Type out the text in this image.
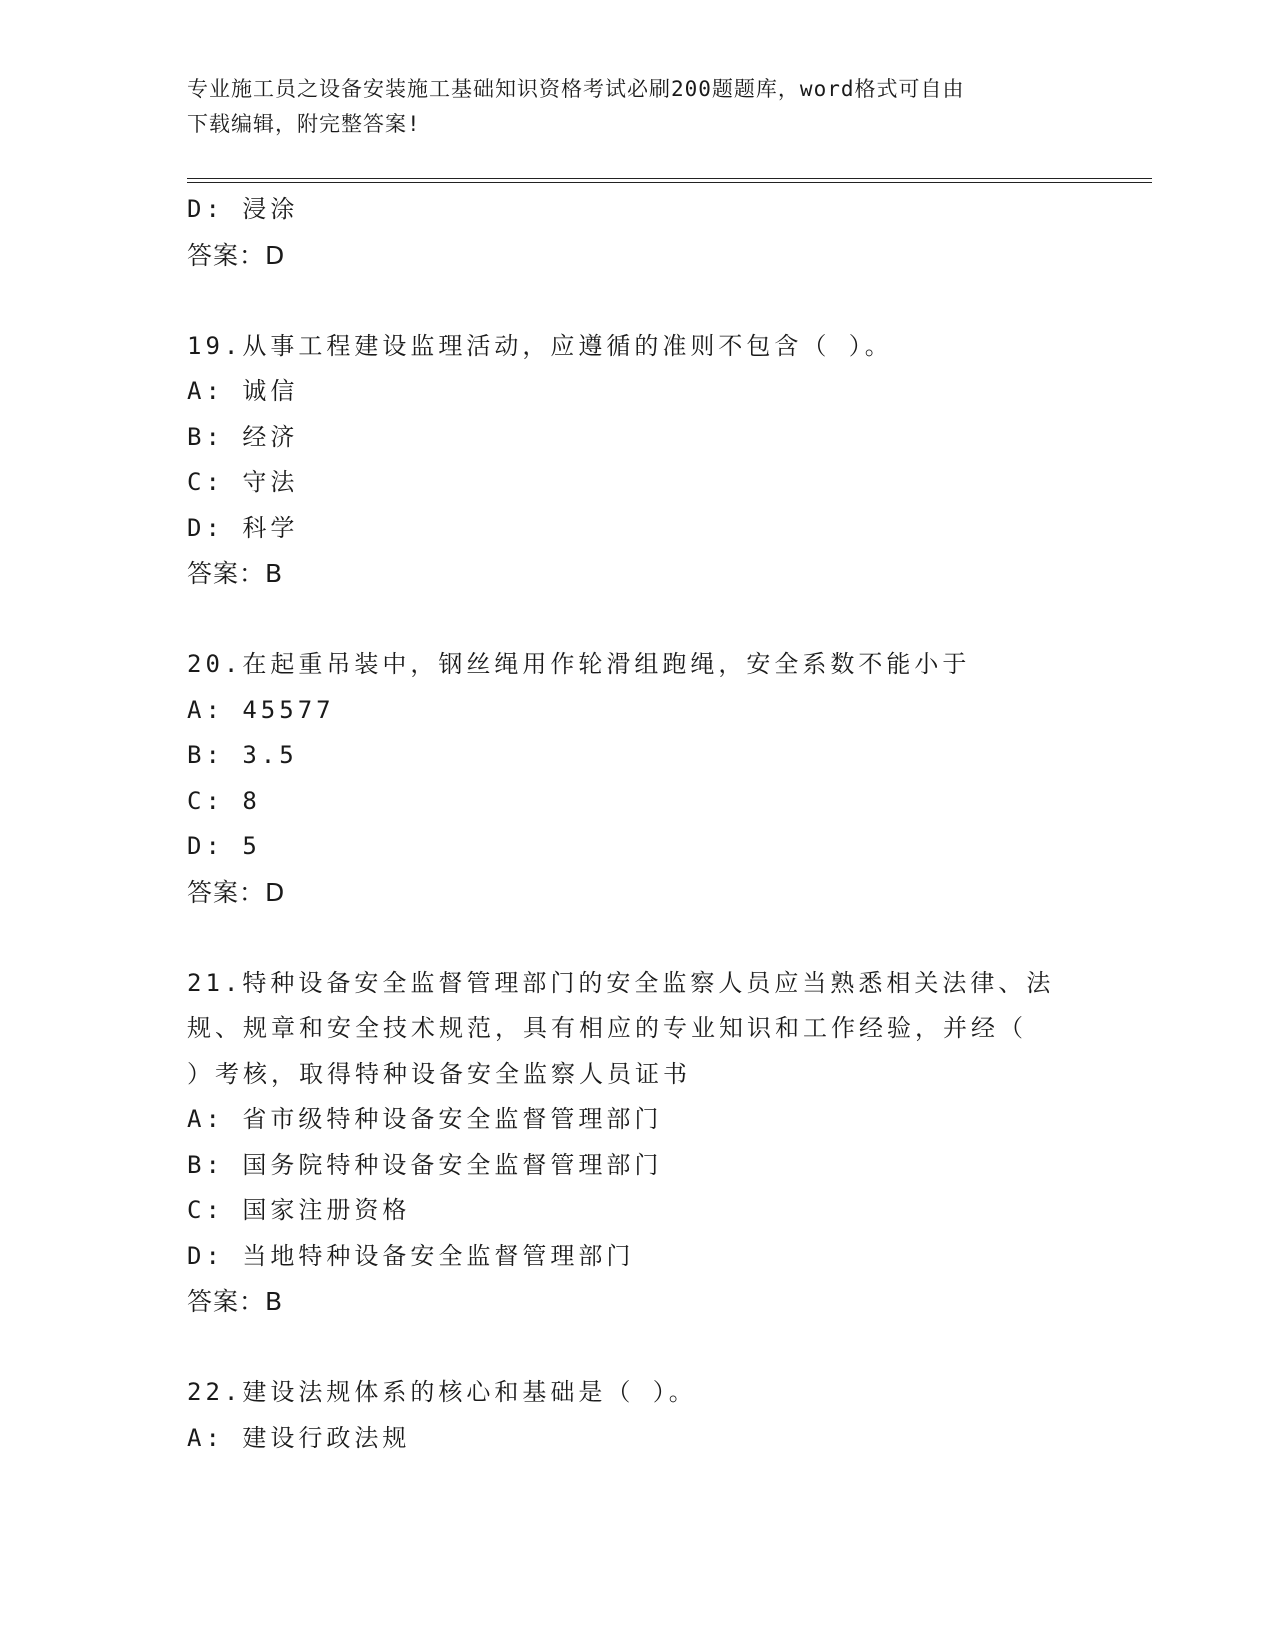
专业施工员之设备安装施工基础知识资格考试必刷200题题库，word格式可自由
下载编辑，附完整答案!
D: 浸涂
答案：D
19.从事工程建设监理活动，应遵循的准则不包含（ ）。
A: 诚信
B: 经济
C: 守法
D: 科学
答案：B
20.在起重吊装中，钢丝绳用作轮滑组跑绳，安全系数不能小于
A: 45577
B: 3.5
C: 8
D: 5
答案：D
21.特种设备安全监督管理部门的安全监察人员应当熟悉相关法律、法
规、规章和安全技术规范，具有相应的专业知识和工作经验，并经（
）考核，取得特种设备安全监察人员证书
A: 省市级特种设备安全监督管理部门
B: 国务院特种设备安全监督管理部门
C: 国家注册资格
D: 当地特种设备安全监督管理部门
答案：B
22.建设法规体系的核心和基础是（ ）。
A: 建设行政法规
